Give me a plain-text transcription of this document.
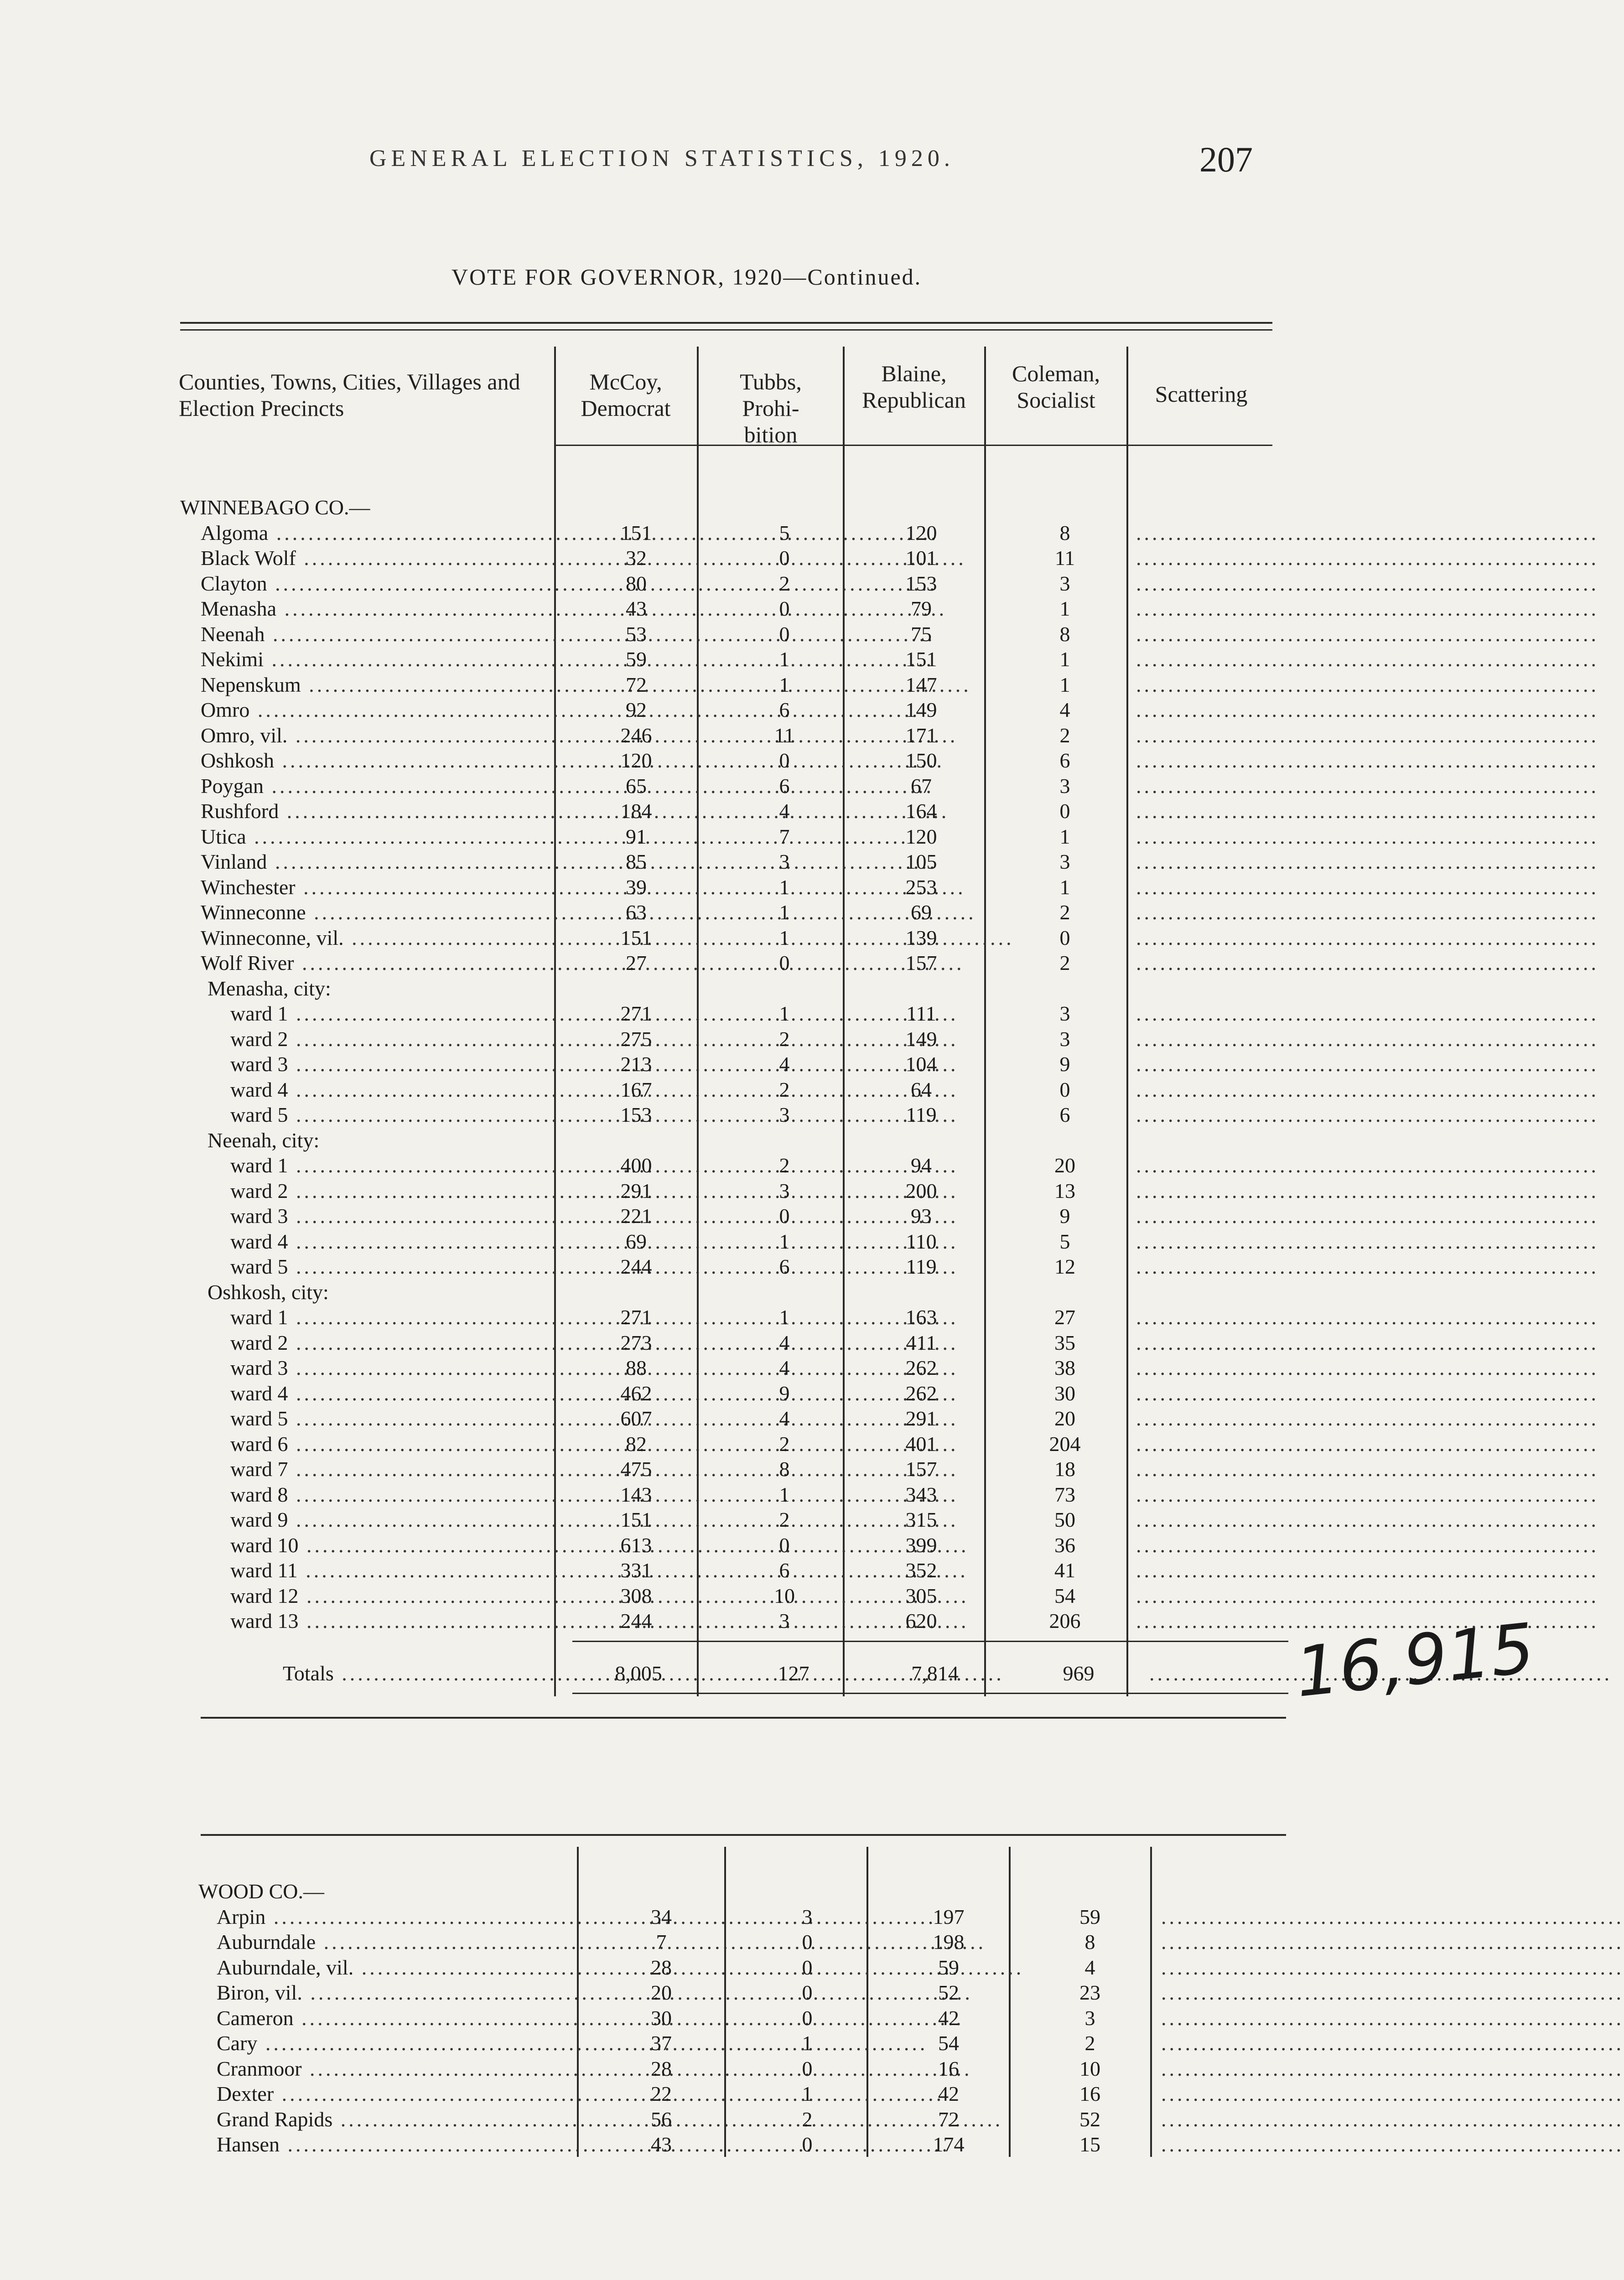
GENERAL ELECTION STATISTICS, 1920.	207
VOTE FOR GOVERNOR, 1920—Continued.
Counties, Towns, Cities, Villages and Election Precincts
McCoy,
Democrat
Tubbs,
Prohi-
bition
Blaine,
Republican
Coleman,
Socialist	Scattering
WINNEBAGO CO.—
Algoma .....	151	5	120	8
.....
Black Wolf .....	32	0	101	11
.....
Clayton .....	80	2	153	3
.....
Menasha .....	43	0	79	1
.....
Neenah .....	53	0	75	8
.....
Nekimi .....	59	1	151	1
.....
Nepenskum .....	72	1	147	1
.....
Omro .....	92	6	149	4
.....
Omro, vil. .....	246	11	171	2
.....
Oshkosh .....	120	0	150	6
.....
Poygan .....	65	6	67	3
.....
Rushford .....	184	4	164	0
.....
Utica .....	91	7	120	1
.....
Vinland .....	85	3	105	3
.....
Winchester .....	39	1	253	1
.....
Winneconne .....	63	1	69	2
.....
Winneconne, vil. .....	151	1	139	0
.....
Wolf River .....	27	0	157	2
.....
Menasha, city:
ward 1 .....	271	1	111	3
.....
ward 2 .....	275	2	149	3
.....
ward 3 .....	213	4	104	9
.....
ward 4 .....	167	2	64	0
.....
ward 5 .....	153	3	119	6
.....
Neenah, city:
ward 1 .....	400	2	94	20
.....
ward 2 .....	291	3	200	13
.....
ward 3 .....	221	0	93	9
.....
ward 4 .....	69	1	110	5
.....
ward 5 .....	244	6	119	12
.....
Oshkosh, city:
ward 1 .....	271	1	163	27
.....
ward 2 .....	273	4	411	35
.....
ward 3 .....	88	4	262	38
.....
ward 4 .....	462	9	262	30
.....
ward 5 .....	607	4	291	20
.....
ward 6 .....	82	2	401	204
.....
ward 7 .....	475	8	157	18
.....
ward 8 .....	143	1	343	73
.....
ward 9 .....	151	2	315	50
.....
ward 10 .....	613	0	399	36
.....
ward 11 .....	331	6	352	41
.....
ward 12 .....	308	10	305	54
.....
ward 13 .....	244	3	620	206
.....
Totals .....	8,005	127	7,814	969
.....	16,915
WOOD CO.—
Arpin .....	34	3	197	59
.....
Auburndale .....	7	0	198	8
.....
Auburndale, vil. .....	28	0	59	4
.....
Biron, vil. .....	20	0	52	23
.....
Cameron .....	30	0	42	3
.....
Cary .....	37	1	54	2
.....
Cranmoor .....	28	0	16	10
.....
Dexter .....	22	1	42	16
.....
Grand Rapids .....	56	2	72	52
.....
Hansen .....	43	0	174	15
.....
